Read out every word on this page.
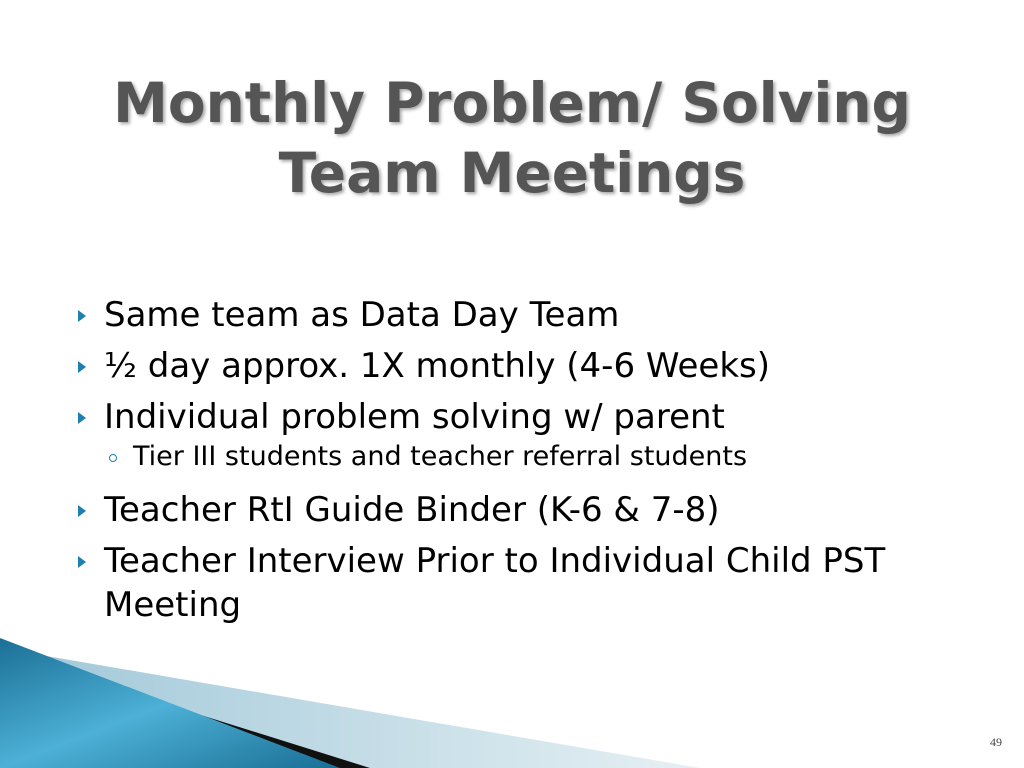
Monthly Problem/ Solving
Team Meetings
Same team as Data Day Team
½ day approx. 1X monthly (4-6 Weeks)
Individual problem solving w/ parent
Tier III students and teacher referral students
Teacher RtI Guide Binder (K-6 & 7-8)
Teacher Interview Prior to Individual Child PST Meeting
49
